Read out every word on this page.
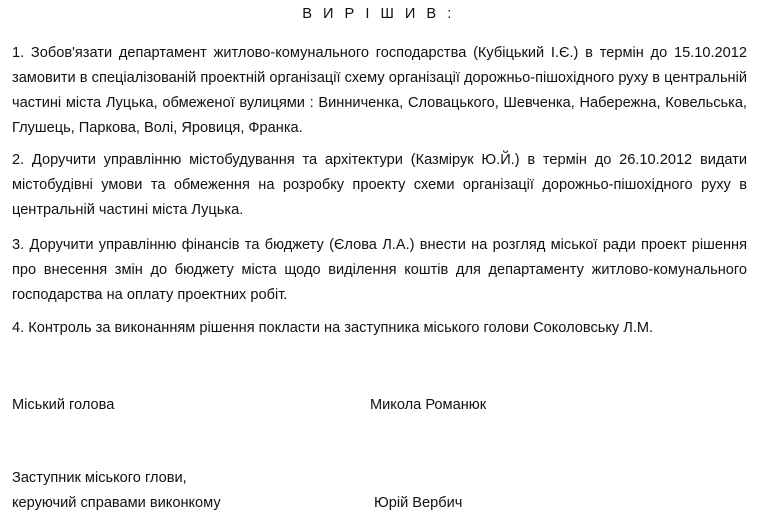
В И Р І Ш И В :

1. Зобов'язати департамент житлово-комунального господарства (Кубіцький І.Є.) в термін до 15.10.2012 замовити в спеціалізованій проектній організації схему організації дорожньо-пішохідного руху в центральній частині міста Луцька, обмеженої вулицями : Винниченка, Словацького, Шевченка, Набережна, Ковельська, Глушець, Паркова, Волі, Яровиця, Франка.

2. Доручити управлінню містобудування та архітектури (Казмірук Ю.Й.) в термін до 26.10.2012 видати містобудівні умови та обмеження на розробку проекту схеми організації дорожньо-пішохідного руху в центральній частині міста Луцька.

3. Доручити управлінню фінансів та бюджету (Єлова Л.А.) внести на розгляд міської ради проект рішення про внесення змін до бюджету міста щодо виділення коштів для департаменту житлово-комунального господарства на оплату проектних робіт.

4. Контроль за виконанням рішення покласти на заступника міського голови Соколовську Л.М.

Міський голова	Микола Романюк
Заступник міського глови,
керуючий справами виконкому	Юрій Вербич
